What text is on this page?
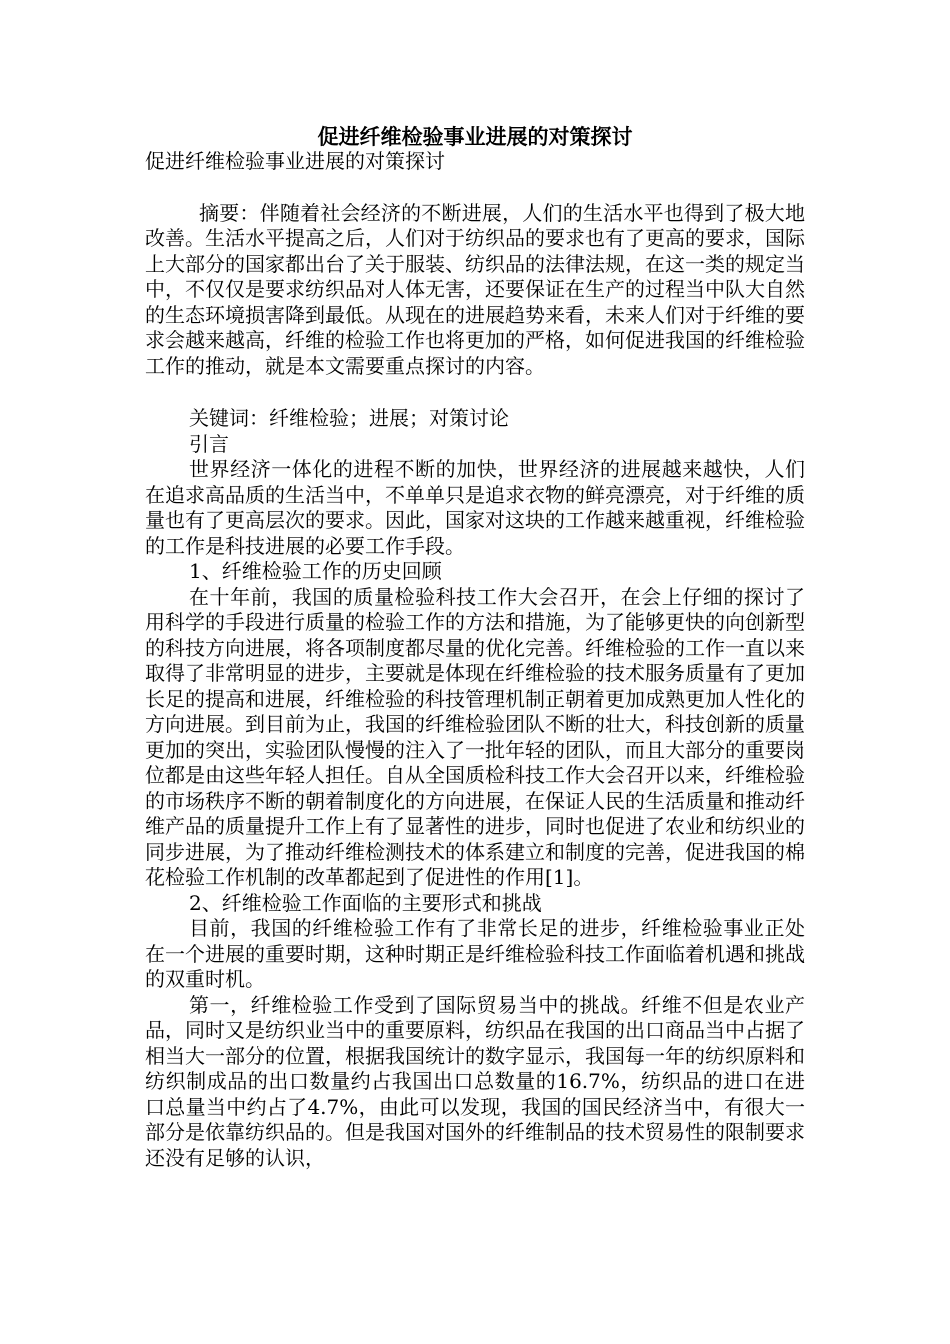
促进纤维检验事业进展的对策探讨

促进纤维检验事业进展的对策探讨

摘要：伴随着社会经济的不断进展，人们的生活水平也得到了极大地改善。生活水平提高之后，人们对于纺织品的要求也有了更高的要求，国际上大部分的国家都出台了关于服装、纺织品的法律法规，在这一类的规定当中，不仅仅是要求纺织品对人体无害，还要保证在生产的过程当中队大自然的生态环境损害降到最低。从现在的进展趋势来看，未来人们对于纤维的要求会越来越高，纤维的检验工作也将更加的严格，如何促进我国的纤维检验工作的推动，就是本文需要重点探讨的内容。

关键词：纤维检验；进展；对策讨论

引言

世界经济一体化的进程不断的加快，世界经济的进展越来越快，人们在追求高品质的生活当中，不单单只是追求衣物的鲜亮漂亮，对于纤维的质量也有了更高层次的要求。因此，国家对这块的工作越来越重视，纤维检验的工作是科技进展的必要工作手段。

1、纤维检验工作的历史回顾

在十年前，我国的质量检验科技工作大会召开，在会上仔细的探讨了用科学的手段进行质量的检验工作的方法和措施，为了能够更快的向创新型的科技方向进展，将各项制度都尽量的优化完善。纤维检验的工作一直以来取得了非常明显的进步，主要就是体现在纤维检验的技术服务质量有了更加长足的提高和进展，纤维检验的科技管理机制正朝着更加成熟更加人性化的方向进展。到目前为止，我国的纤维检验团队不断的壮大，科技创新的质量更加的突出，实验团队慢慢的注入了一批年轻的团队，而且大部分的重要岗位都是由这些年轻人担任。自从全国质检科技工作大会召开以来，纤维检验的市场秩序不断的朝着制度化的方向进展，在保证人民的生活质量和推动纤维产品的质量提升工作上有了显著性的进步，同时也促进了农业和纺织业的同步进展，为了推动纤维检测技术的体系建立和制度的完善，促进我国的棉花检验工作机制的改革都起到了促进性的作用[1]。

2、纤维检验工作面临的主要形式和挑战

目前，我国的纤维检验工作有了非常长足的进步，纤维检验事业正处在一个进展的重要时期，这种时期正是纤维检验科技工作面临着机遇和挑战的双重时机。

第一，纤维检验工作受到了国际贸易当中的挑战。纤维不但是农业产品，同时又是纺织业当中的重要原料，纺织品在我国的出口商品当中占据了相当大一部分的位置，根据我国统计的数字显示，我国每一年的纺织原料和纺织制成品的出口数量约占我国出口总数量的16.7%，纺织品的进口在进口总量当中约占了4.7%，由此可以发现，我国的国民经济当中，有很大一部分是依靠纺织品的。但是我国对国外的纤维制品的技术贸易性的限制要求还没有足够的认识，
